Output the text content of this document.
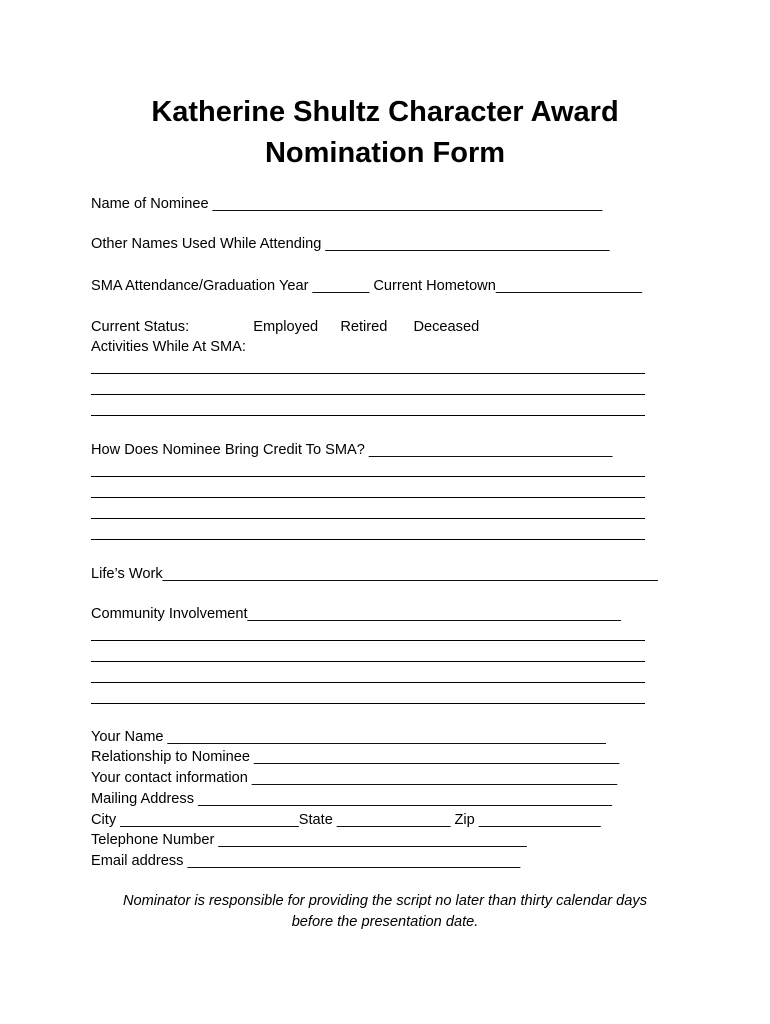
Katherine Shultz Character Award
Nomination Form
Name of Nominee ________________________________________________
Other Names Used While Attending ___________________________________
SMA Attendance/Graduation Year _______ Current Hometown__________________
Current Status:	Employed Retired Deceased
Activities While At SMA:
How Does Nominee Bring Credit To SMA? ______________________________
Life’s Work_____________________________________________________________
Community Involvement______________________________________________
Your Name ______________________________________________________
Relationship to Nominee _____________________________________________
Your contact information _____________________________________________
Mailing Address ___________________________________________________
City ______________________State ______________ Zip _______________
Telephone Number ______________________________________
Email address _________________________________________
Nominator is responsible for providing the script no later than thirty calendar days
before the presentation date.
